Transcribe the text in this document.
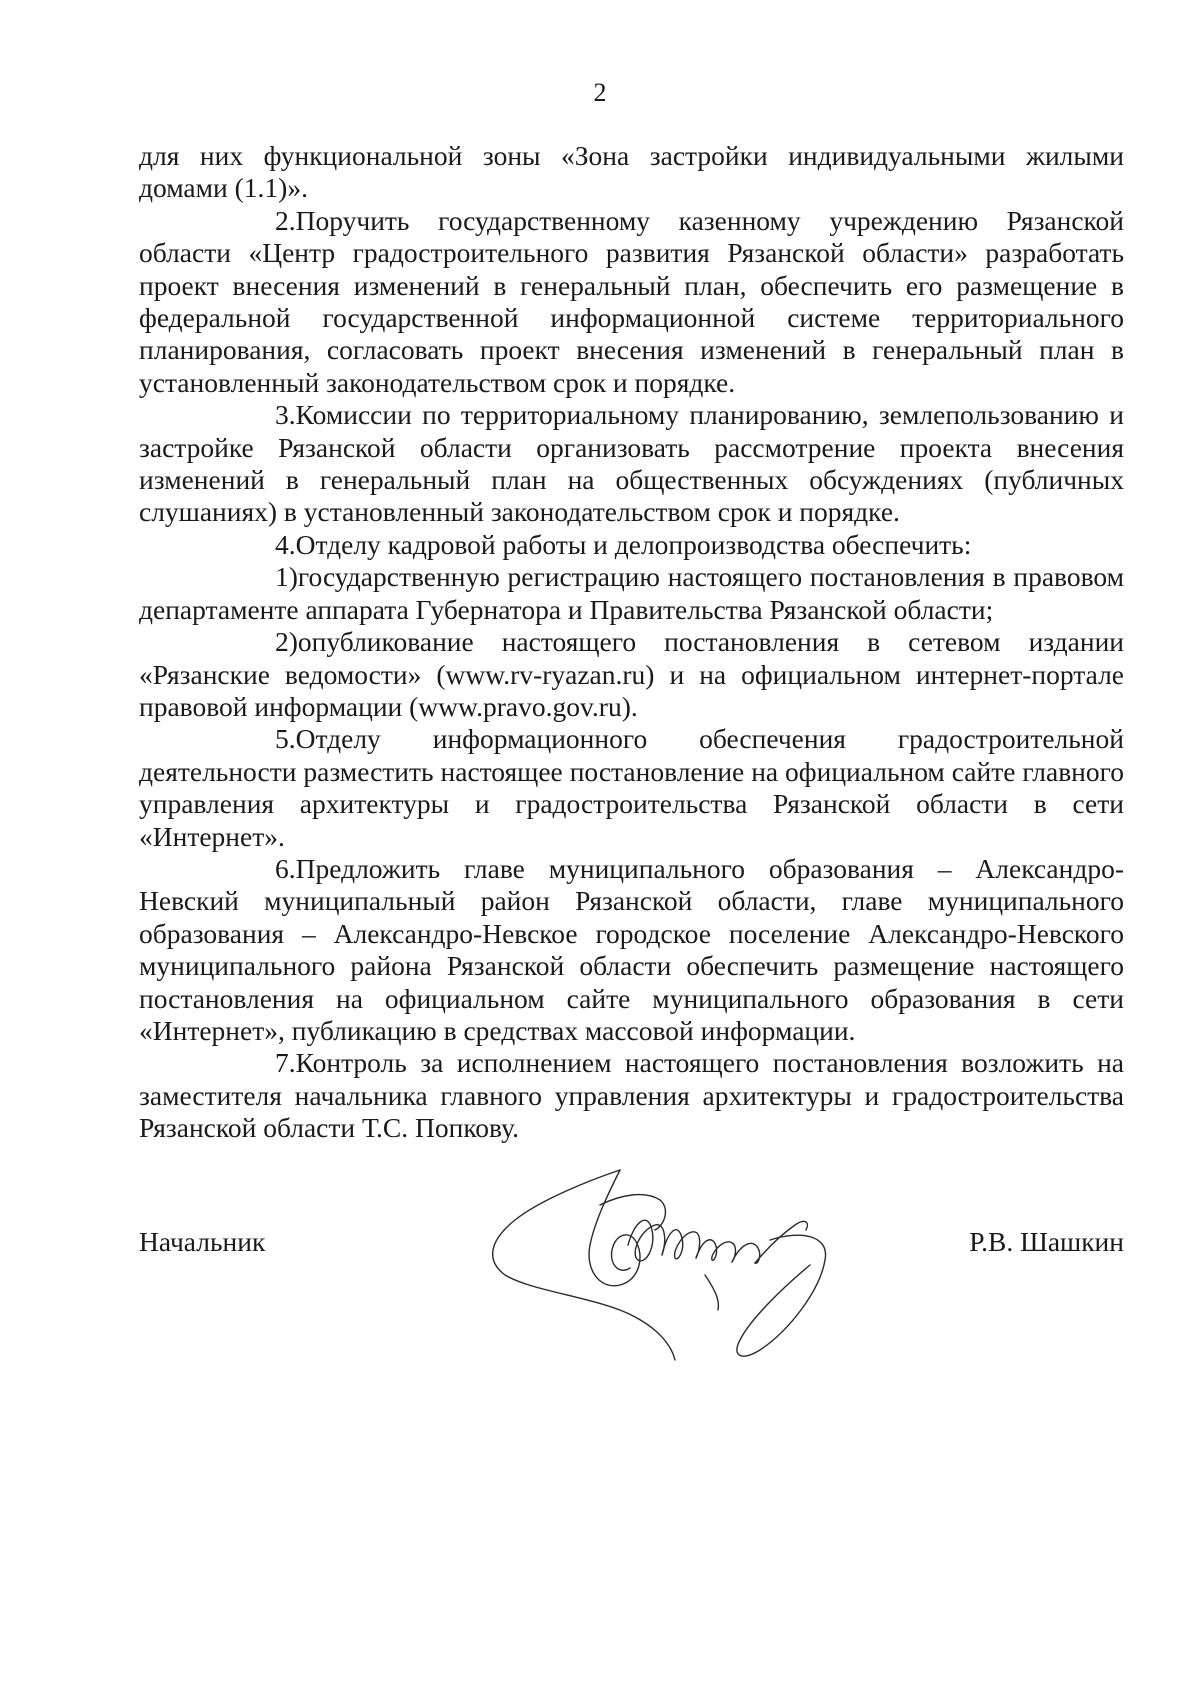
2

для них функциональной зоны «Зона застройки индивидуальными жилыми домами (1.1)».

2.Поручить государственному казенному учреждению Рязанской области «Центр градостроительного развития Рязанской области» разработать проект внесения изменений в генеральный план, обеспечить его размещение в федеральной государственной информационной системе территориального планирования, согласовать проект внесения изменений в генеральный план в установленный законодательством срок и порядке.

3.Комиссии по территориальному планированию, землепользованию и застройке Рязанской области организовать рассмотрение проекта внесения изменений в генеральный план на общественных обсуждениях (публичных слушаниях) в установленный законодательством срок и порядке.

4.Отделу кадровой работы и делопроизводства обеспечить:

1)государственную регистрацию настоящего постановления в правовом департаменте аппарата Губернатора и Правительства Рязанской области;

2)опубликование настоящего постановления в сетевом издании «Рязанские ведомости» (www.rv-ryazan.ru) и на официальном интернет-портале правовой информации (www.pravo.gov.ru).

5.Отделу информационного обеспечения градостроительной деятельности разместить настоящее постановление на официальном сайте главного управления архитектуры и градостроительства Рязанской области в сети «Интернет».

6.Предложить главе муниципального образования – Александро-Невский муниципальный район Рязанской области, главе муниципального образования – Александро-Невское городское поселение Александро-Невского муниципального района Рязанской области обеспечить размещение настоящего постановления на официальном сайте муниципального образования в сети «Интернет», публикацию в средствах массовой информации.

7.Контроль за исполнением настоящего постановления возложить на заместителя начальника главного управления архитектуры и градостроительства Рязанской области Т.С. Попкову.

Начальник	Р.В. Шашкин
